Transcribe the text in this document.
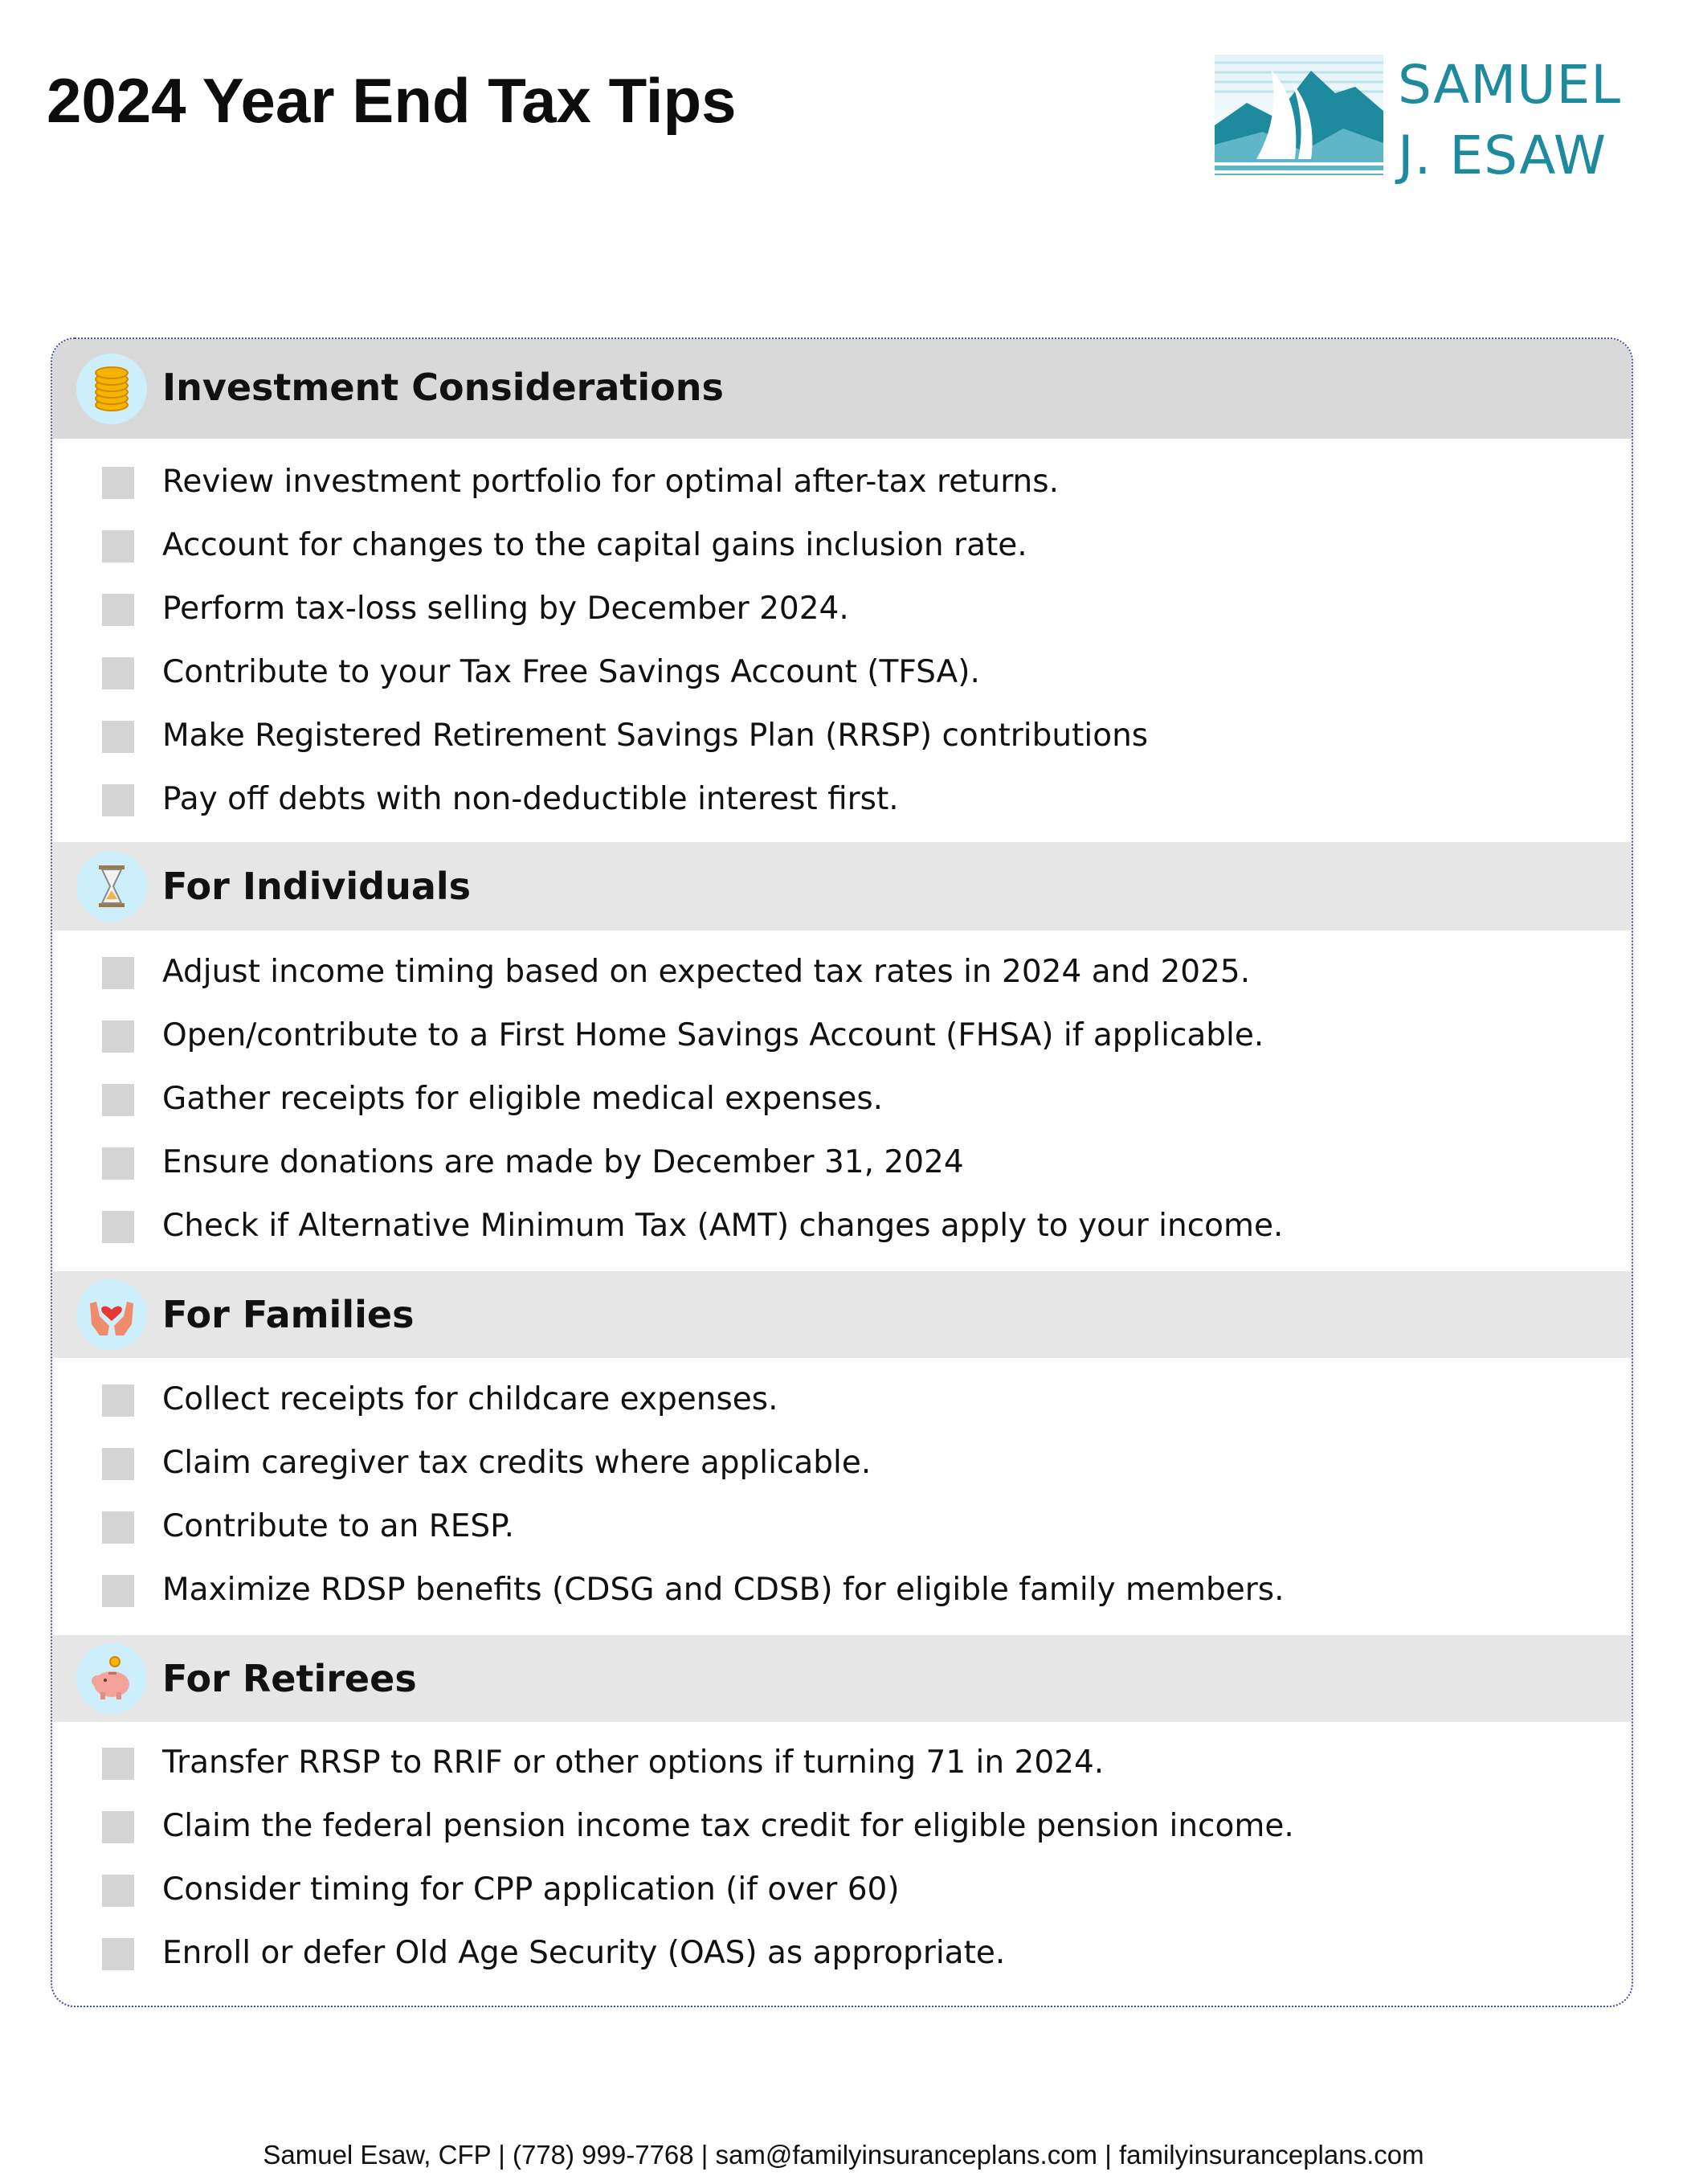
2024 Year End Tax Tips	SAMUEL
J. ESAW
Investment Considerations
Review investment portfolio for optimal after-tax returns.
Account for changes to the capital gains inclusion rate.
Perform tax-loss selling by December 2024.
Contribute to your Tax Free Savings Account (TFSA).
Make Registered Retirement Savings Plan (RRSP) contributions
Pay off debts with non-deductible interest first.
For Individuals
Adjust income timing based on expected tax rates in 2024 and 2025.
Open/contribute to a First Home Savings Account (FHSA) if applicable.
Gather receipts for eligible medical expenses.
Ensure donations are made by December 31, 2024
Check if Alternative Minimum Tax (AMT) changes apply to your income.
For Families
Collect receipts for childcare expenses.
Claim caregiver tax credits where applicable.
Contribute to an RESP.
Maximize RDSP benefits (CDSG and CDSB) for eligible family members.
For Retirees
Transfer RRSP to RRIF or other options if turning 71 in 2024.
Claim the federal pension income tax credit for eligible pension income.
Consider timing for CPP application (if over 60)
Enroll or defer Old Age Security (OAS) as appropriate.
Samuel Esaw, CFP | (778) 999-7768 | sam@familyinsuranceplans.com | familyinsuranceplans.com
